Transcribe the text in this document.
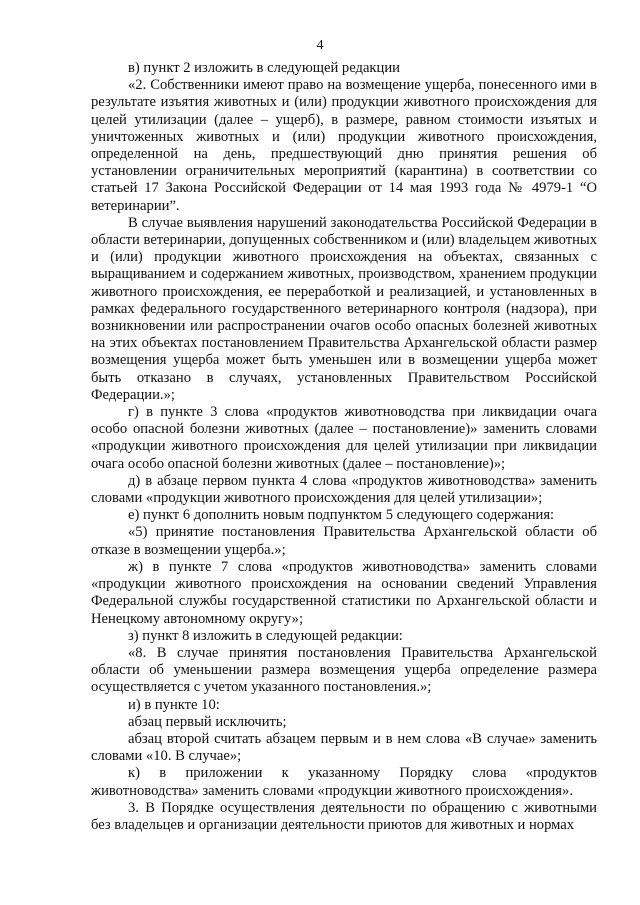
4

в) пункт 2 изложить в следующей редакции

«2. Собственники имеют право на возмещение ущерба, понесенного ими в результате изъятия животных и (или) продукции животного происхождения для целей утилизации (далее – ущерб), в размере, равном стоимости изъятых и уничтоженных животных и (или) продукции животного происхождения, определенной на день, предшествующий дню принятия решения об установлении ограничительных мероприятий (карантина) в соответствии со статьей 17 Закона Российской Федерации от 14 мая 1993 года № 4979-1 “О ветеринарии”.

В случае выявления нарушений законодательства Российской Федерации в области ветеринарии, допущенных собственником и (или) владельцем животных и (или) продукции животного происхождения на объектах, связанных с выращиванием и содержанием животных, производством, хранением продукции животного происхождения, ее переработкой и реализацией, и установленных в рамках федерального государственного ветеринарного контроля (надзора), при возникновении или распространении очагов особо опасных болезней животных на этих объектах постановлением Правительства Архангельской области размер возмещения ущерба может быть уменьшен или в возмещении ущерба может быть отказано в случаях, установленных Правительством Российской Федерации.»;

г) в пункте 3 слова «продуктов животноводства при ликвидации очага особо опасной болезни животных (далее – постановление)» заменить словами «продукции животного происхождения для целей утилизации при ликвидации очага особо опасной болезни животных (далее – постановление)»;

д) в абзаце первом пункта 4 слова «продуктов животноводства» заменить словами «продукции животного происхождения для целей утилизации»;

е) пункт 6 дополнить новым подпунктом 5 следующего содержания:

«5) принятие постановления Правительства Архангельской области об отказе в возмещении ущерба.»;

ж) в пункте 7 слова «продуктов животноводства» заменить словами «продукции животного происхождения на основании сведений Управления Федеральной службы государственной статистики по Архангельской области и Ненецкому автономному округу»;

з) пункт 8 изложить в следующей редакции:

«8. В случае принятия постановления Правительства Архангельской области об уменьшении размера возмещения ущерба определение размера осуществляется с учетом указанного постановления.»;

и) в пункте 10:

абзац первый исключить;

абзац второй считать абзацем первым и в нем слова «В случае» заменить словами «10. В случае»;

к) в приложении к указанному Порядку слова «продуктов животноводства» заменить словами «продукции животного происхождения».

3. В Порядке осуществления деятельности по обращению с животными без владельцев и организации деятельности приютов для животных и нормах
